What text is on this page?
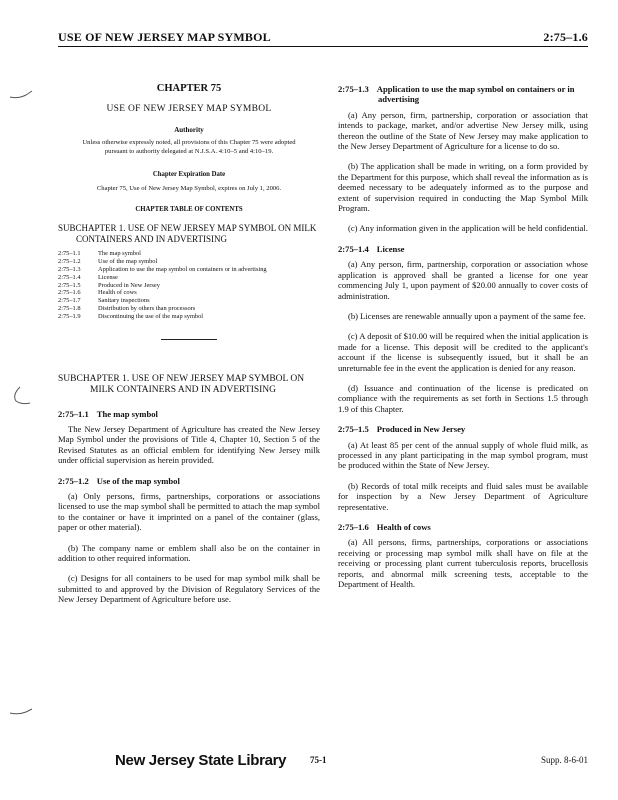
USE OF NEW JERSEY MAP SYMBOL	2:75–1.6
CHAPTER 75
USE OF NEW JERSEY MAP SYMBOL
Authority
Unless otherwise expressly noted, all provisions of this Chapter 75 were adopted pursuant to authority delegated at N.J.S.A. 4:10–5 and 4:10–19.
Chapter Expiration Date
Chapter 75, Use of New Jersey Map Symbol, expires on July 1, 2006.
CHAPTER TABLE OF CONTENTS
SUBCHAPTER 1. USE OF NEW JERSEY MAP SYMBOL ON MILK CONTAINERS AND IN ADVERTISING
2:75–1.1	The map symbol
2:75–1.2	Use of the map symbol
2:75–1.3	Application to use the map symbol on containers or in advertising
2:75–1.4	License
2:75–1.5	Produced in New Jersey
2:75–1.6	Health of cows
2:75–1.7	Sanitary inspections
2:75–1.8	Distribution by others than processors
2:75–1.9	Discontinuing the use of the map symbol
SUBCHAPTER 1. USE OF NEW JERSEY MAP SYMBOL ON MILK CONTAINERS AND IN ADVERTISING
2:75–1.1 The map symbol
The New Jersey Department of Agriculture has created the New Jersey Map Symbol under the provisions of Title 4, Chapter 10, Section 5 of the Revised Statutes as an official emblem for identifying New Jersey milk under official supervision as herein provided.
2:75–1.2 Use of the map symbol
(a) Only persons, firms, partnerships, corporations or associations licensed to use the map symbol shall be permitted to attach the map symbol to the container or have it imprinted on a panel of the container (glass, paper or other material).
(b) The company name or emblem shall also be on the container in addition to other required information.
(c) Designs for all containers to be used for map symbol milk shall be submitted to and approved by the Division of Regulatory Services of the New Jersey Department of Agriculture before use.
2:75–1.3 Application to use the map symbol on containers or in advertising
(a) Any person, firm, partnership, corporation or association that intends to package, market, and/or advertise New Jersey milk, using thereon the outline of the State of New Jersey may make application to the New Jersey Department of Agriculture for a license to do so.
(b) The application shall be made in writing, on a form provided by the Department for this purpose, which shall reveal the information as is deemed necessary to be adequately informed as to the purpose and extent of supervision required in conducting the Map Symbol Milk Program.
(c) Any information given in the application will be held confidential.
2:75–1.4 License
(a) Any person, firm, partnership, corporation or association whose application is approved shall be granted a license for one year commencing July 1, upon payment of $20.00 annually to cover costs of administration.
(b) Licenses are renewable annually upon a payment of the same fee.
(c) A deposit of $10.00 will be required when the initial application is made for a license. This deposit will be credited to the applicant's account if the license is subsequently issued, but it shall be an unreturnable fee in the event the application is denied for any reason.
(d) Issuance and continuation of the license is predicated on compliance with the requirements as set forth in Sections 1.5 through 1.9 of this Chapter.
2:75–1.5 Produced in New Jersey
(a) At least 85 per cent of the annual supply of whole fluid milk, as processed in any plant participating in the map symbol program, must be produced within the State of New Jersey.
(b) Records of total milk receipts and fluid sales must be available for inspection by a New Jersey Department of Agriculture representative.
2:75–1.6 Health of cows
(a) All persons, firms, partnerships, corporations or associations receiving or processing map symbol milk shall have on file at the receiving or processing plant current tuberculosis reports, brucellosis reports, and abnormal milk screening tests, acceptable to the Department of Health.
New Jersey State Library	75-1	Supp. 8-6-01
